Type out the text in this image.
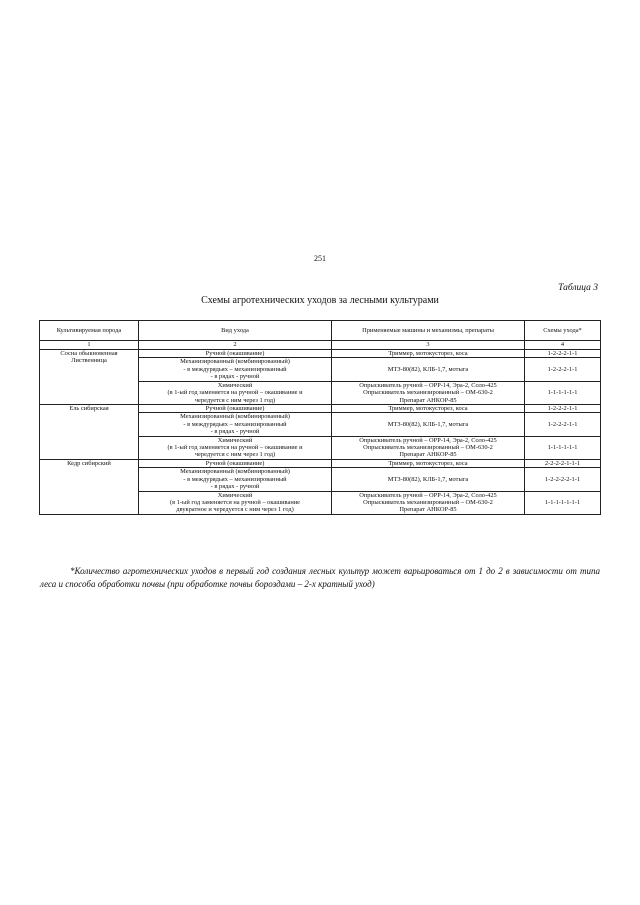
251
Таблица 3
Схемы агротехнических уходов за лесными культурами
Культивируемая порода	Вид ухода	Применяемые машины и механизмы, препараты	Схемы ухода*
1	2	3	4

Сосна обыкновенная
Лиственница	Ручной (окашивание)	Триммер, мотокусторез, коса	1-2-2-2-1-1

	Механизированный (комбинированный)
- в междурядьях – механизированный
- в рядах - ручной	МТЗ-80(82), КЛБ-1,7, мотыга	1-2-2-2-1-1

	Химический
(в 1-ый год заменяется на ручной – окашивание и
чередуется с ним через 1 год)	Опрыскиватель ручной – ОРР-14, Эра-2, Соло-425
Опрыскиватель механизированный – ОМ-630-2
Препарат АНКОР-85	1-1-1-1-1-1

Ель сибирская	Ручной (окашивание)	Триммер, мотокусторез, коса	1-2-2-2-1-1

	Механизированный (комбинированный)
- в междурядьях – механизированный
- в рядах - ручной	МТЗ-80(82), КЛБ-1,7, мотыга	1-2-2-2-1-1

	Химический
(в 1-ый год заменяется на ручной – окашивание и
чередуется с ним через 1 год)	Опрыскиватель ручной – ОРР-14, Эра-2, Соло-425
Опрыскиватель механизированный – ОМ-630-2
Препарат АНКОР-85	1-1-1-1-1-1

Кедр сибирский	Ручной (окашивание)	Триммер, мотокусторез, коса	2-2-2-2-1-1-1

	Механизированный (комбинированный)
- в междурядьях – механизированный
- в рядах - ручной	МТЗ-80(82), КЛБ-1,7, мотыга	1-2-2-2-2-1-1

	Химический
(в 1-ый год заменяется на ручной – окашивание
двукратное и чередуется с ним через 1 год)	Опрыскиватель ручной – ОРР-14, Эра-2, Соло-425
Опрыскиватель механизированный – ОМ-630-2
Препарат АНКОР-85	1-1-1-1-1-1-1
*Количество агротехнических уходов в первый год создания лесных культур может варьироваться от 1 до 2 в зависимости от типа леса и способа обработки почвы (при обработке почвы бороздами – 2-х кратный уход)
